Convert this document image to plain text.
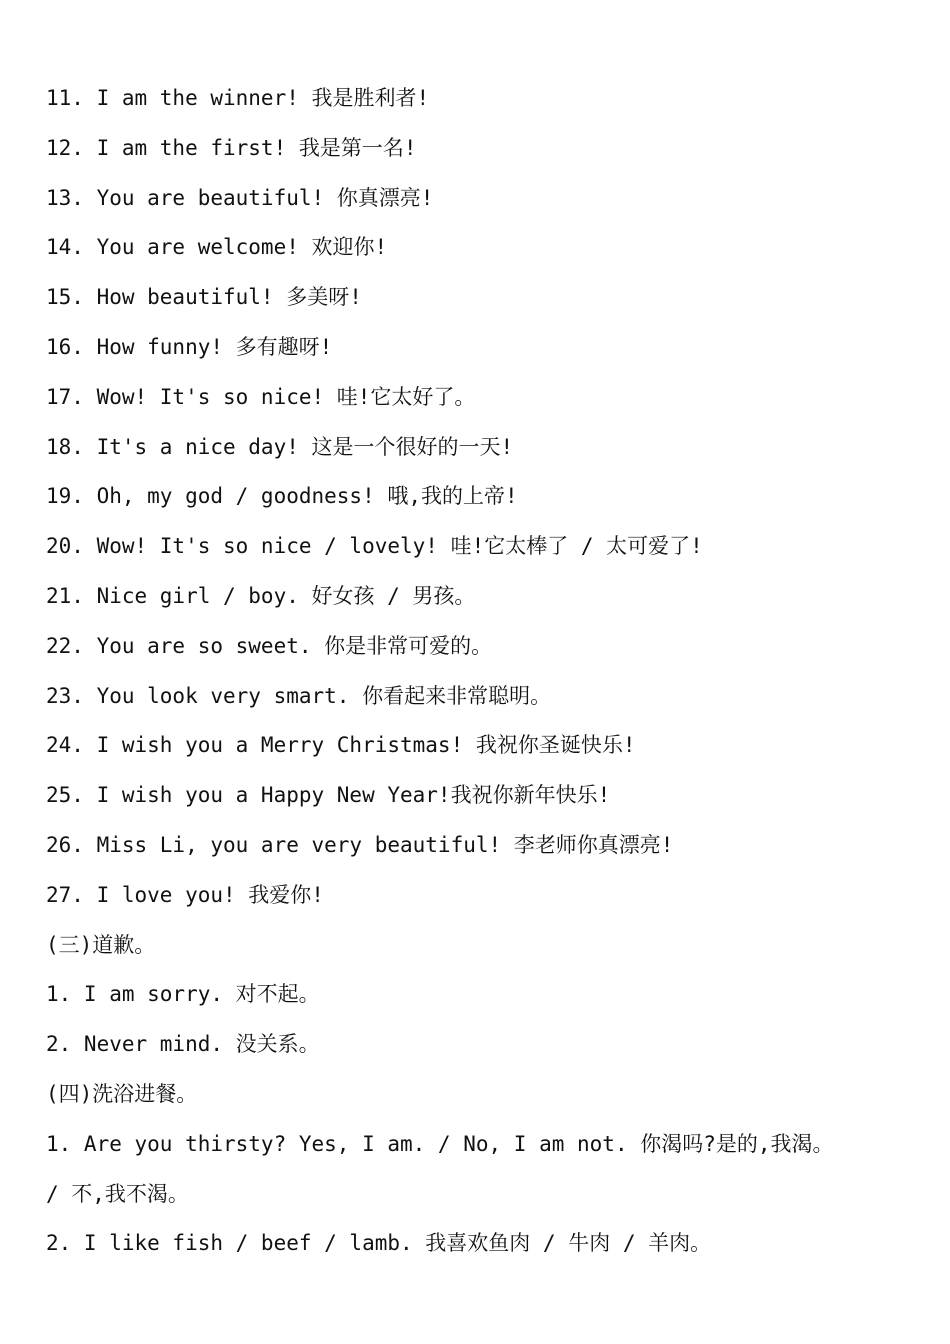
11. I am the winner! 我是胜利者!
12. I am the first! 我是第一名!
13. You are beautiful! 你真漂亮!
14. You are welcome! 欢迎你!
15. How beautiful! 多美呀!
16. How funny! 多有趣呀!
17. Wow! It's so nice! 哇!它太好了。
18. It's a nice day! 这是一个很好的一天!
19. Oh, my god / goodness! 哦,我的上帝!
20. Wow! It's so nice / lovely! 哇!它太棒了 / 太可爱了!
21. Nice girl / boy. 好女孩 / 男孩。
22. You are so sweet. 你是非常可爱的。
23. You look very smart. 你看起来非常聪明。
24. I wish you a Merry Christmas! 我祝你圣诞快乐!
25. I wish you a Happy New Year!我祝你新年快乐!
26. Miss Li, you are very beautiful! 李老师你真漂亮!
27. I love you! 我爱你!
(三)道歉。
1. I am sorry. 对不起。
2. Never mind. 没关系。
(四)洗浴进餐。
1. Are you thirsty? Yes, I am. / No, I am not. 你渴吗?是的,我渴。
/ 不,我不渴。
2. I like fish / beef / lamb. 我喜欢鱼肉 / 牛肉 / 羊肉。
